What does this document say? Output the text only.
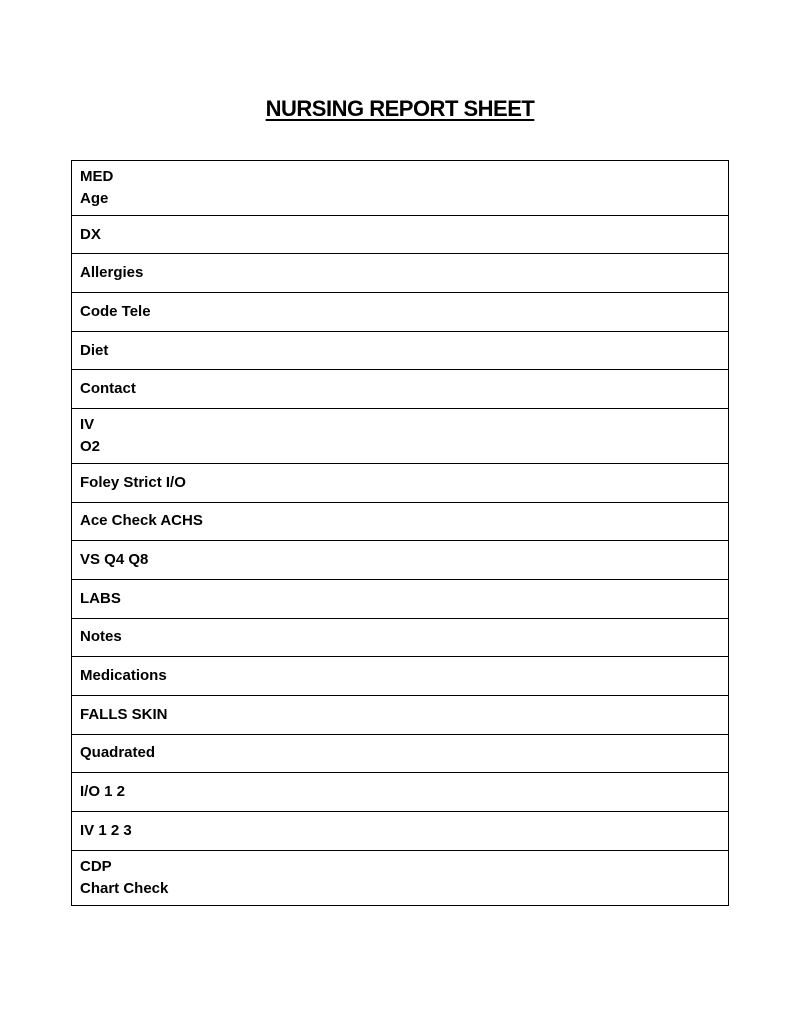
NURSING REPORT SHEET
MED
Age
DX
Allergies
Code Tele
Diet
Contact
IV
O2
Foley Strict I/O
Ace Check ACHS
VS Q4 Q8
LABS
Notes
Medications
FALLS SKIN
Quadrated
I/O 1 2
IV 1 2 3
CDP
Chart Check
